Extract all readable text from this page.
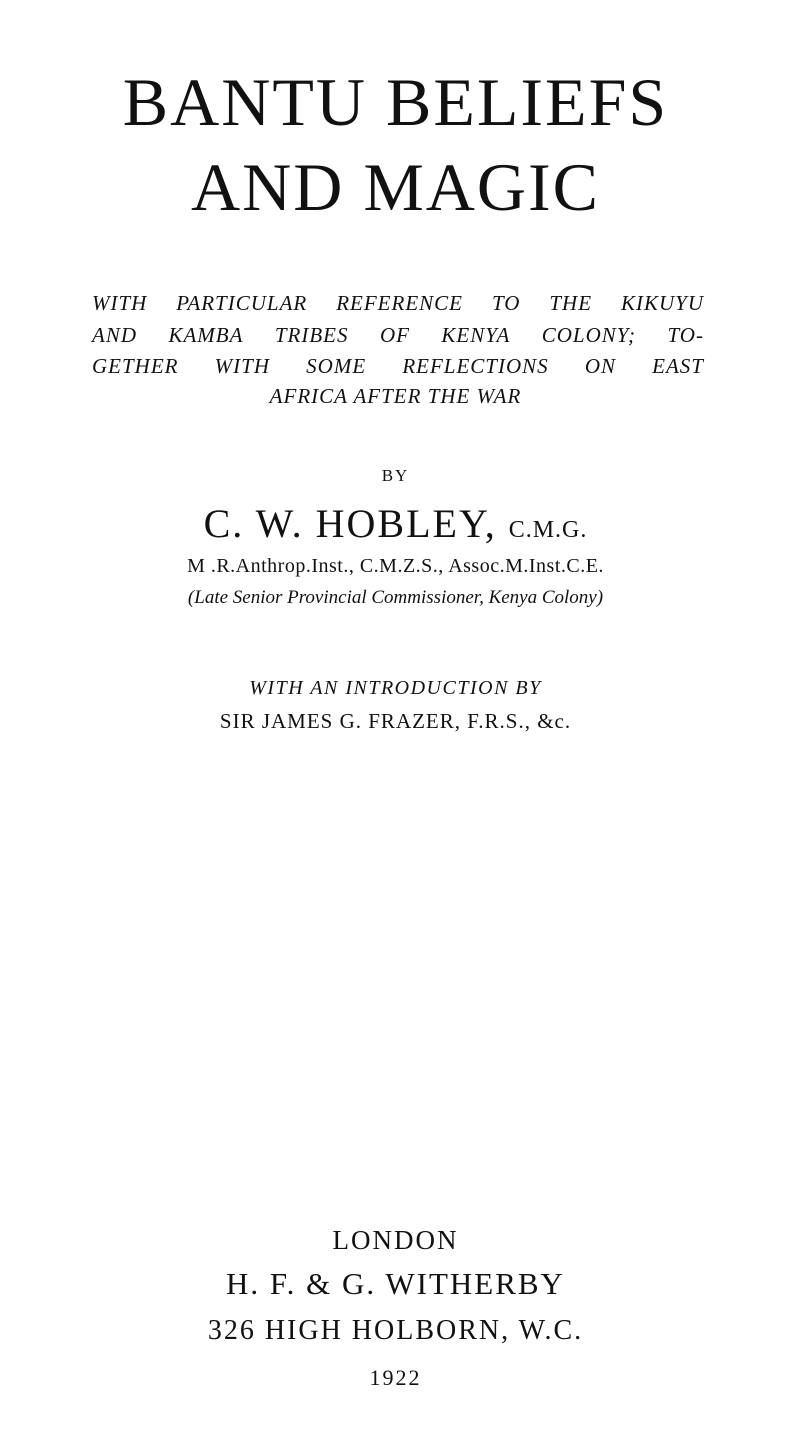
BANTU BELIEFS
AND MAGIC
WITH PARTICULAR REFERENCE TO THE KIKUYU
AND KAMBA TRIBES OF KENYA COLONY; TO-
GETHER WITH SOME REFLECTIONS ON EAST
AFRICA AFTER THE WAR
BY
C. W. HOBLEY, C.M.G.
M .R.Anthrop.Inst., C.M.Z.S., Assoc.M.Inst.C.E.
(Late Senior Provincial Commissioner, Kenya Colony)
WITH AN INTRODUCTION BY
SIR JAMES G. FRAZER, F.R.S., &c.
LONDON
H. F. & G. WITHERBY
326 HIGH HOLBORN, W.C.
1922
